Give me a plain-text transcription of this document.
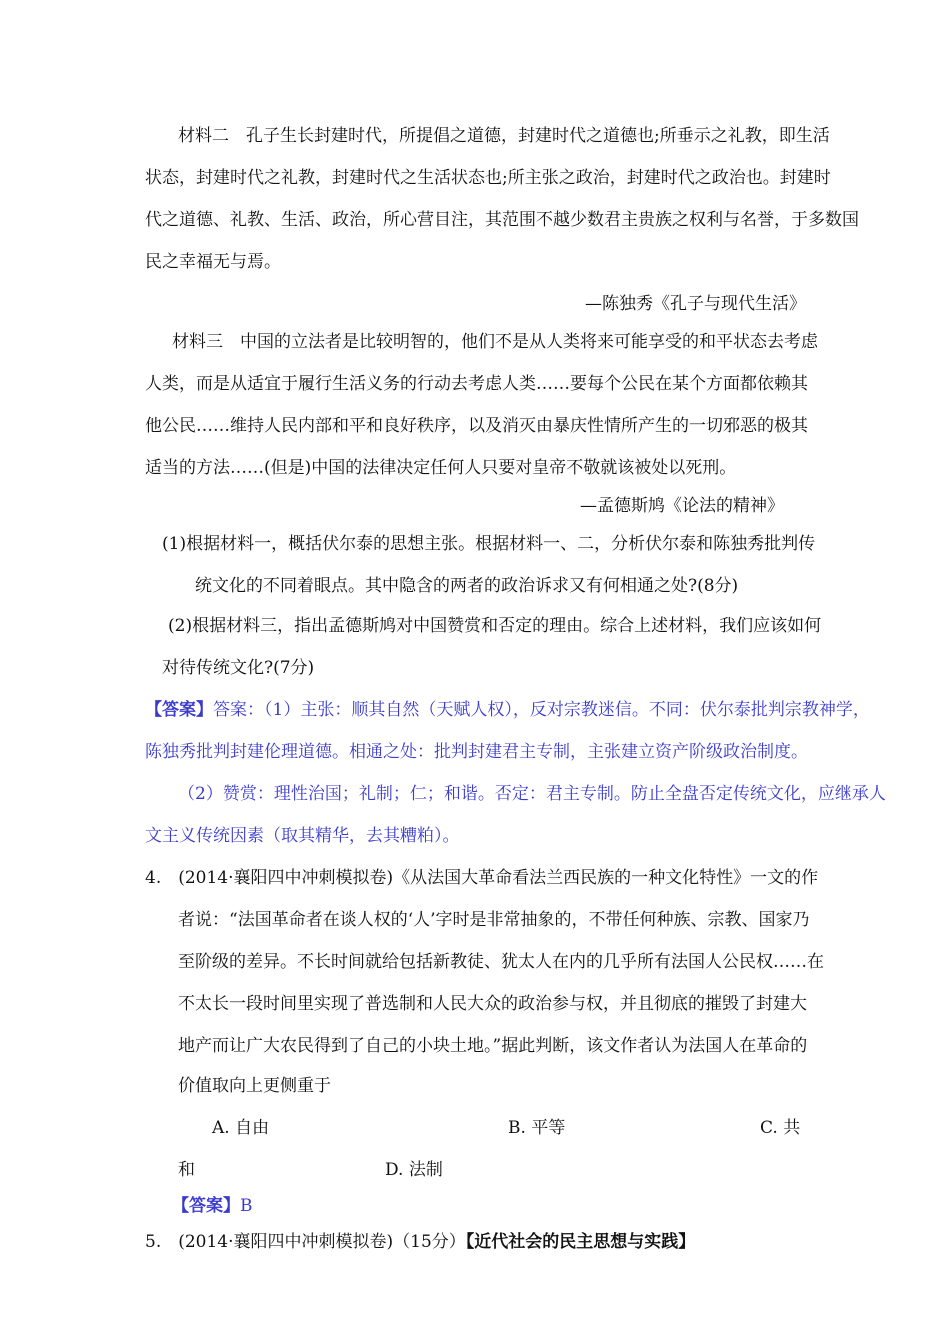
材料二　孔子生长封建时代，所提倡之道德，封建时代之道德也;所垂示之礼教，即生活
状态，封建时代之礼教，封建时代之生活状态也;所主张之政治，封建时代之政治也。封建时
代之道德、礼教、生活、政治，所心营目注，其范围不越少数君主贵族之权利与名誉，于多数国
民之幸福无与焉。
—陈独秀《孔子与现代生活》
材料三　中国的立法者是比较明智的，他们不是从人类将来可能享受的和平状态去考虑
人类，而是从适宜于履行生活义务的行动去考虑人类……要每个公民在某个方面都依赖其
他公民……维持人民内部和平和良好秩序，以及消灭由暴庆性情所产生的一切邪恶的极其
适当的方法……(但是)中国的法律决定任何人只要对皇帝不敬就该被处以死刑。
—孟德斯鸠《论法的精神》
(1)根据材料一，概括伏尔泰的思想主张。根据材料一、二，分析伏尔泰和陈独秀批判传
统文化的不同着眼点。其中隐含的两者的政治诉求又有何相通之处?(8分)
(2)根据材料三，指出孟德斯鸠对中国赞赏和否定的理由。综合上述材料，我们应该如何
对待传统文化?(7分)
【答案】答案：（1）主张：顺其自然（天赋人权），反对宗教迷信。不同：伏尔泰批判宗教神学，
陈独秀批判封建伦理道德。相通之处：批判封建君主专制，主张建立资产阶级政治制度。
（2）赞赏：理性治国；礼制；仁；和谐。否定：君主专制。防止全盘否定传统文化，应继承人
文主义传统因素（取其精华，去其糟粕）。
4.　(2014·襄阳四中冲刺模拟卷)《从法国大革命看法兰西民族的一种文化特性》一文的作
者说：“法国革命者在谈人权的‘人’字时是非常抽象的，不带任何种族、宗教、国家乃
至阶级的差异。不长时间就给包括新教徒、犹太人在内的几乎所有法国人公民权……在
不太长一段时间里实现了普选制和人民大众的政治参与权，并且彻底的摧毁了封建大
地产而让广大农民得到了自己的小块土地。”据此判断，该文作者认为法国人在革命的
价值取向上更侧重于
A. 自由	B. 平等	C. 共
和	D. 法制
【答案】B
5.　(2014·襄阳四中冲刺模拟卷)（15分）【近代社会的民主思想与实践】
